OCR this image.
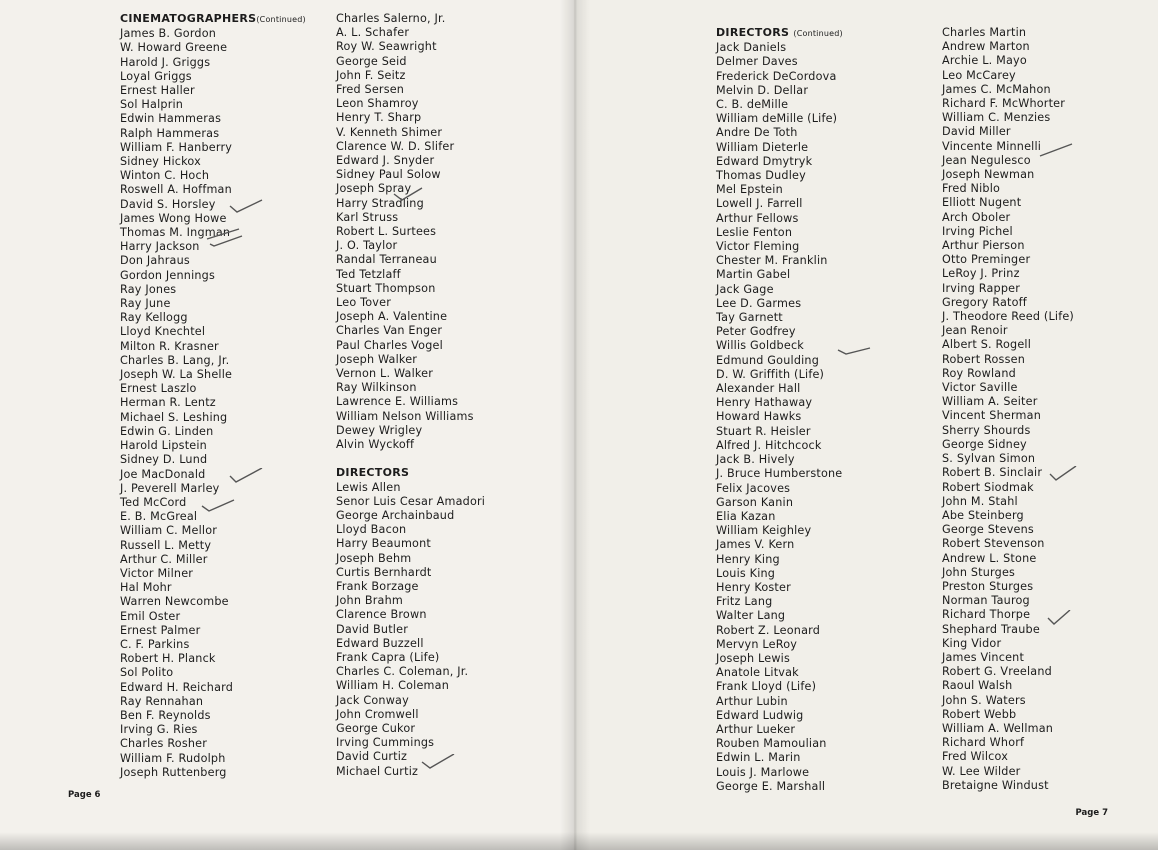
CINEMATOGRAPHERS(Continued)
James B. Gordon
W. Howard Greene
Harold J. Griggs
Loyal Griggs
Ernest Haller
Sol Halprin
Edwin Hammeras
Ralph Hammeras
William F. Hanberry
Sidney Hickox
Winton C. Hoch
Roswell A. Hoffman
David S. Horsley
James Wong Howe
Thomas M. Ingman
Harry Jackson
Don Jahraus
Gordon Jennings
Ray Jones
Ray June
Ray Kellogg
Lloyd Knechtel
Milton R. Krasner
Charles B. Lang, Jr.
Joseph W. La Shelle
Ernest Laszlo
Herman R. Lentz
Michael S. Leshing
Edwin G. Linden
Harold Lipstein
Sidney D. Lund
Joe MacDonald
J. Peverell Marley
Ted McCord
E. B. McGreal
William C. Mellor
Russell L. Metty
Arthur C. Miller
Victor Milner
Hal Mohr
Warren Newcombe
Emil Oster
Ernest Palmer
C. F. Parkins
Robert H. Planck
Sol Polito
Edward H. Reichard
Ray Rennahan
Ben F. Reynolds
Irving G. Ries
Charles Rosher
William F. Rudolph
Joseph Ruttenberg
Charles Salerno, Jr.
A. L. Schafer
Roy W. Seawright
George Seid
John F. Seitz
Fred Sersen
Leon Shamroy
Henry T. Sharp
V. Kenneth Shimer
Clarence W. D. Slifer
Edward J. Snyder
Sidney Paul Solow
Joseph Spray
Harry Stradling
Karl Struss
Robert L. Surtees
J. O. Taylor
Randal Terraneau
Ted Tetzlaff
Stuart Thompson
Leo Tover
Joseph A. Valentine
Charles Van Enger
Paul Charles Vogel
Joseph Walker
Vernon L. Walker
Ray Wilkinson
Lawrence E. Williams
William Nelson Williams
Dewey Wrigley
Alvin Wyckoff
DIRECTORS
Lewis Allen
Senor Luis Cesar Amadori
George Archainbaud
Lloyd Bacon
Harry Beaumont
Joseph Behm
Curtis Bernhardt
Frank Borzage
John Brahm
Clarence Brown
David Butler
Edward Buzzell
Frank Capra (Life)
Charles C. Coleman, Jr.
William H. Coleman
Jack Conway
John Cromwell
George Cukor
Irving Cummings
David Curtiz
Michael Curtiz
Page 6
DIRECTORS (Continued)
Jack Daniels
Delmer Daves
Frederick DeCordova
Melvin D. Dellar
C. B. deMille
William deMille (Life)
Andre De Toth
William Dieterle
Edward Dmytryk
Thomas Dudley
Mel Epstein
Lowell J. Farrell
Arthur Fellows
Leslie Fenton
Victor Fleming
Chester M. Franklin
Martin Gabel
Jack Gage
Lee D. Garmes
Tay Garnett
Peter Godfrey
Willis Goldbeck
Edmund Goulding
D. W. Griffith (Life)
Alexander Hall
Henry Hathaway
Howard Hawks
Stuart R. Heisler
Alfred J. Hitchcock
Jack B. Hively
J. Bruce Humberstone
Felix Jacoves
Garson Kanin
Elia Kazan
William Keighley
James V. Kern
Henry King
Louis King
Henry Koster
Fritz Lang
Walter Lang
Robert Z. Leonard
Mervyn LeRoy
Joseph Lewis
Anatole Litvak
Frank Lloyd (Life)
Arthur Lubin
Edward Ludwig
Arthur Lueker
Rouben Mamoulian
Edwin L. Marin
Louis J. Marlowe
George E. Marshall
Charles Martin
Andrew Marton
Archie L. Mayo
Leo McCarey
James C. McMahon
Richard F. McWhorter
William C. Menzies
David Miller
Vincente Minnelli
Jean Negulesco
Joseph Newman
Fred Niblo
Elliott Nugent
Arch Oboler
Irving Pichel
Arthur Pierson
Otto Preminger
LeRoy J. Prinz
Irving Rapper
Gregory Ratoff
J. Theodore Reed (Life)
Jean Renoir
Albert S. Rogell
Robert Rossen
Roy Rowland
Victor Saville
William A. Seiter
Vincent Sherman
Sherry Shourds
George Sidney
S. Sylvan Simon
Robert B. Sinclair
Robert Siodmak
John M. Stahl
Abe Steinberg
George Stevens
Robert Stevenson
Andrew L. Stone
John Sturges
Preston Sturges
Norman Taurog
Richard Thorpe
Shephard Traube
King Vidor
James Vincent
Robert G. Vreeland
Raoul Walsh
John S. Waters
Robert Webb
William A. Wellman
Richard Whorf
Fred Wilcox
W. Lee Wilder
Bretaigne Windust
Page 7
